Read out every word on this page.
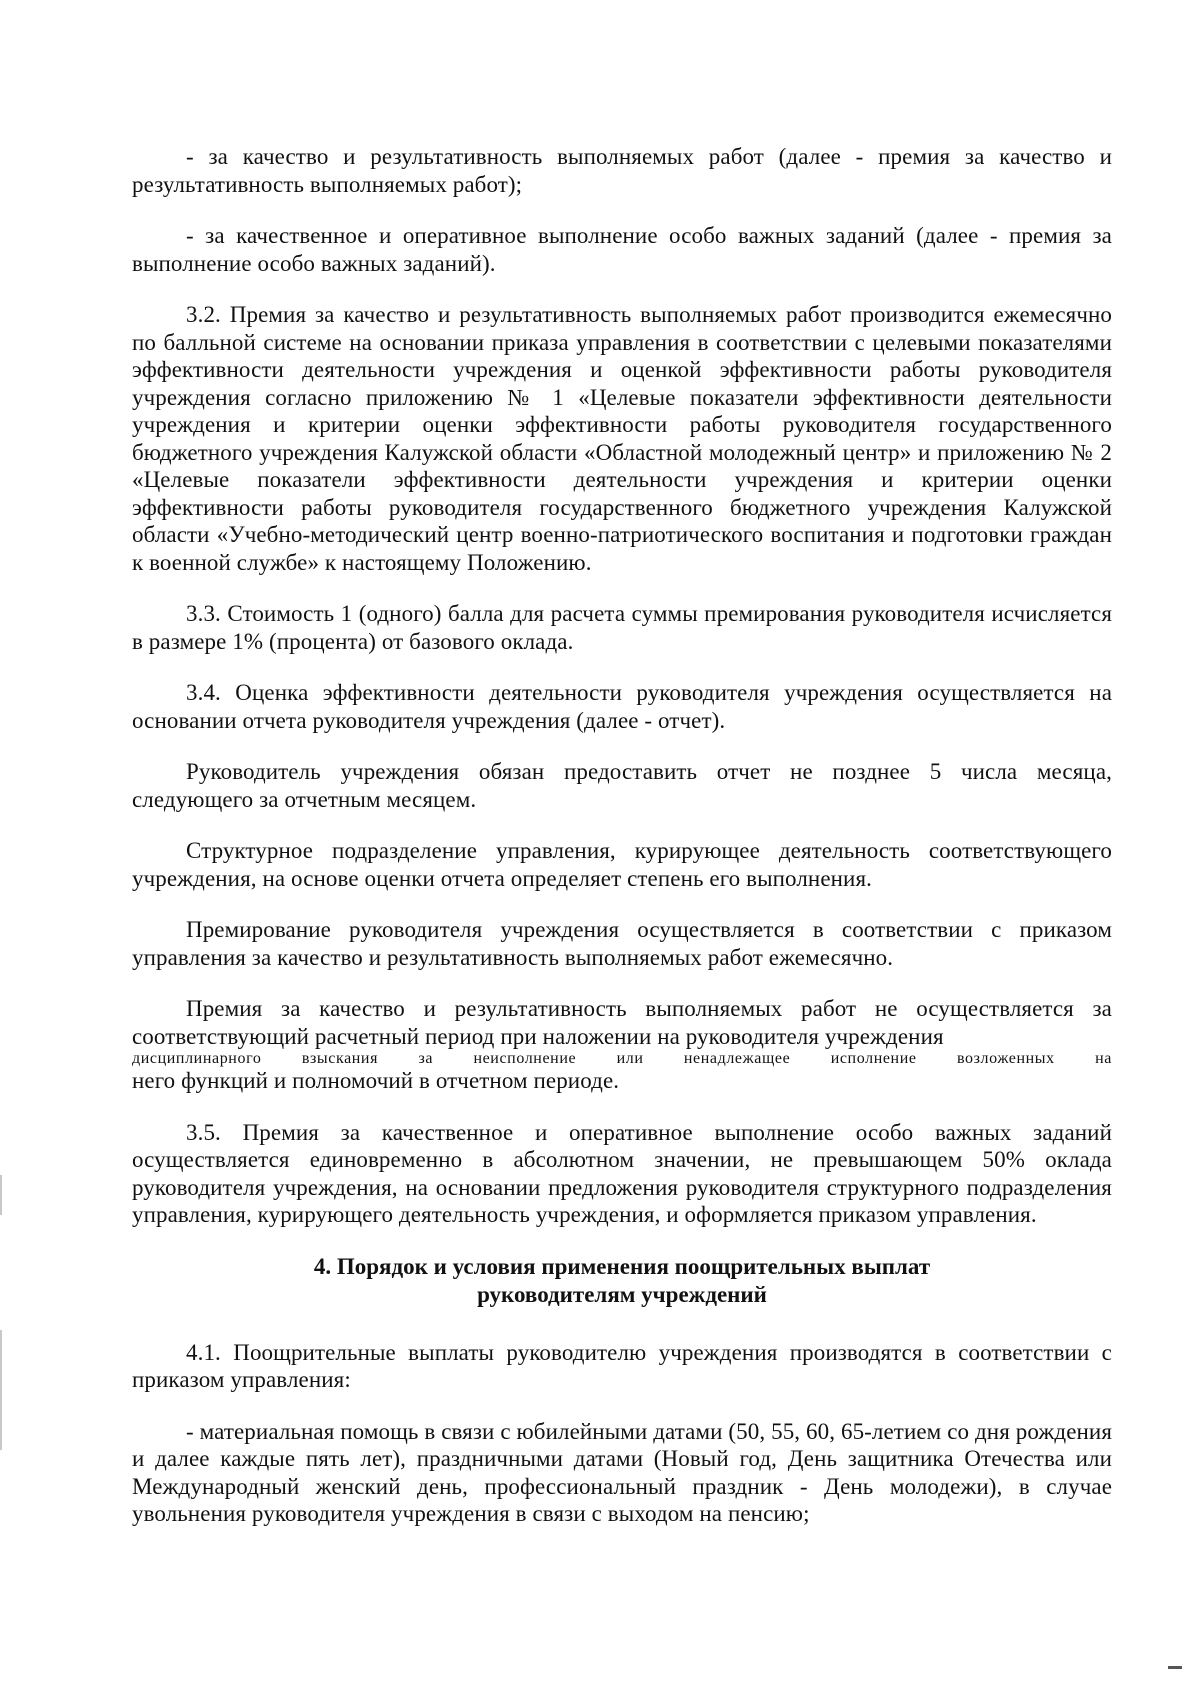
- за качество и результативность выполняемых работ (далее - премия за качество и результативность выполняемых работ);

- за качественное и оперативное выполнение особо важных заданий (далее - премия за выполнение особо важных заданий).

3.2. Премия за качество и результативность выполняемых работ производится ежемесячно по балльной системе на основании приказа управления в соответствии с целевыми показателями эффективности деятельности учреждения и оценкой эффективности работы руководителя учреждения согласно приложению № 1 «Целевые показатели эффективности деятельности учреждения и критерии оценки эффективности работы руководителя государственного бюджетного учреждения Калужской области «Областной молодежный центр» и приложению № 2 «Целевые показатели эффективности деятельности учреждения и критерии оценки эффективности работы руководителя государственного бюджетного учреждения Калужской области «Учебно-методический центр военно-патриотического воспитания и подготовки граждан к военной службе» к настоящему Положению.

3.3. Стоимость 1 (одного) балла для расчета суммы премирования руководителя исчисляется в размере 1% (процента) от базового оклада.

3.4. Оценка эффективности деятельности руководителя учреждения осуществляется на основании отчета руководителя учреждения (далее - отчет).

Руководитель учреждения обязан предоставить отчет не позднее 5 числа месяца, следующего за отчетным месяцем.

Структурное подразделение управления, курирующее деятельность соответствующего учреждения, на основе оценки отчета определяет степень его выполнения.

Премирование руководителя учреждения осуществляется в соответствии с приказом управления за качество и результативность выполняемых работ ежемесячно.

Премия за качество и результативность выполняемых работ не осуществляется за соответствующий расчетный период при наложении на руководителя учреждения
дисциплинарного взыскания за неисполнение или ненадлежащее исполнение возложенных на
него функций и полномочий в отчетном периоде.

3.5. Премия за качественное и оперативное выполнение особо важных заданий осуществляется единовременно в абсолютном значении, не превышающем 50% оклада руководителя учреждения, на основании предложения руководителя структурного подразделения управления, курирующего деятельность учреждения, и оформляется приказом управления.

4. Порядок и условия применения поощрительных выплат
руководителям учреждений

4.1. Поощрительные выплаты руководителю учреждения производятся в соответствии с приказом управления:

- материальная помощь в связи с юбилейными датами (50, 55, 60, 65-летием со дня рождения и далее каждые пять лет), праздничными датами (Новый год, День защитника Отечества или Международный женский день, профессиональный праздник - День молодежи), в случае увольнения руководителя учреждения в связи с выходом на пенсию;
